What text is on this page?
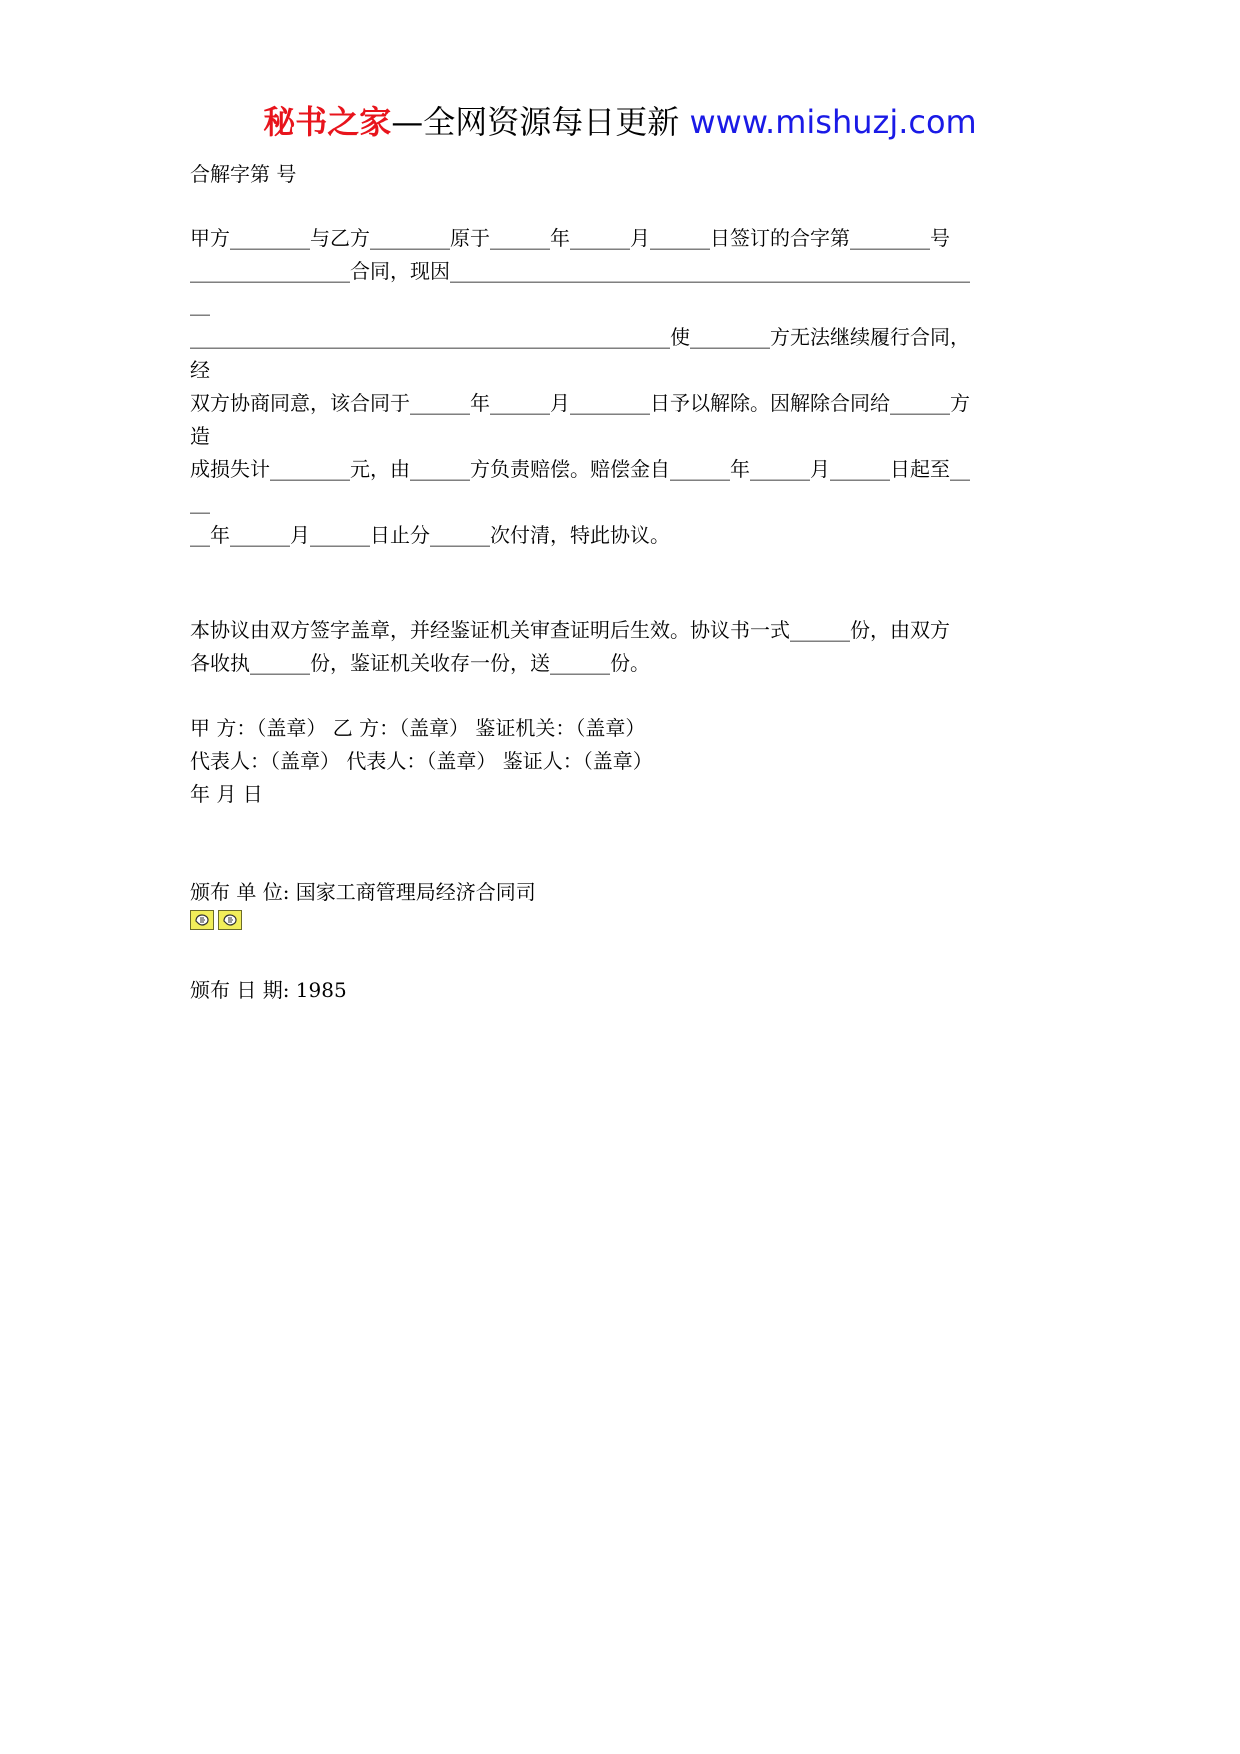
秘书之家—全网资源每日更新 www.mishuzj.com
合解字第 号
甲方________与乙方________原于______年______月______日签订的合字第________号
________________合同，现因____________________________________________________
__
________________________________________________使________方无法继续履行合同，
经
双方协商同意，该合同于______年______月________日予以解除。因解除合同给______方
造
成损失计________元，由______方负责赔偿。赔偿金自______年______月______日起至__
__
__年______月______日止分______次付清，特此协议。
本协议由双方签字盖章，并经鉴证机关审查证明后生效。协议书一式______份，由双方
各收执______份，鉴证机关收存一份，送______份。
甲 方：（盖章） 乙 方：（盖章） 鉴证机关：（盖章）
代表人：（盖章） 代表人：（盖章） 鉴证人：（盖章）
年 月 日
颁布 单 位: 国家工商管理局经济合同司
颁布 日 期: 1985
